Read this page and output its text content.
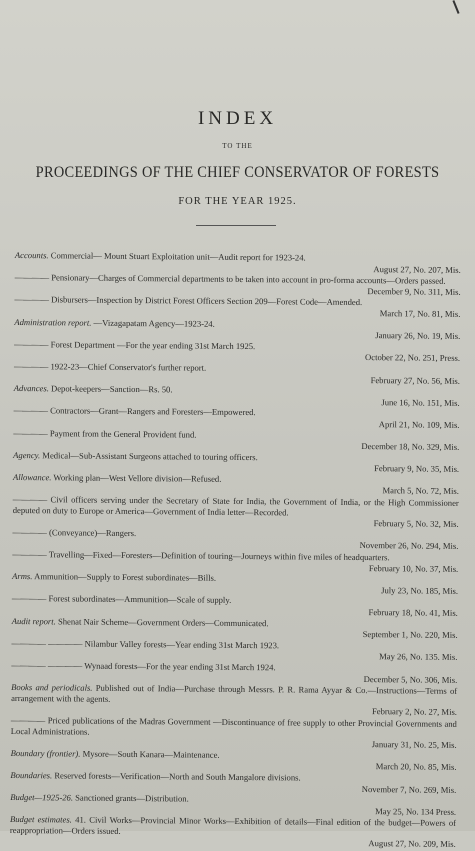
INDEX
TO THE
PROCEEDINGS OF THE CHIEF CONSERVATOR OF FORESTS
FOR THE YEAR 1925.
Accounts. Commercial— Mount Stuart Exploitation unit—Audit report for 1923-24.
August 27, No. 207, Mis.
———— Pensionary—Charges of Commercial departments to be taken into account in pro-forma accounts—Orders passed.
December 9, No. 311, Mis.
———— Disbursers—Inspection by District Forest Officers Section 209—Forest Code—Amended.
March 17, No. 81, Mis.
Administration report. —Vizagapatam Agency—1923-24.
January 26, No. 19, Mis.
———— Forest Department —For the year ending 31st March 1925.
October 22, No. 251, Press.
———— 1922-23—Chief Conservator's further report.
February 27, No. 56, Mis.
Advances. Depot-keepers—Sanction—Rs. 50.
June 16, No. 151, Mis.
———— Contractors—Grant—Rangers and Foresters—Empowered.
April 21, No. 109, Mis.
———— Payment from the General Provident fund.
December 18, No. 329, Mis.
Agency. Medical—Sub-Assistant Surgeons attached to touring officers.
February 9, No. 35, Mis.
Allowance. Working plan—West Vellore division—Refused.
March 5, No. 72, Mis.
———— Civil officers serving under the Secretary of State for India, the Government of India, or the High Commissioner deputed on duty to Europe or America—Government of India letter—Recorded.
February 5, No. 32, Mis.
———— (Conveyance)—Rangers.
November 26, No. 294, Mis.
———— Travelling—Fixed—Foresters—Definition of touring—Journeys within five miles of headquarters.
February 10, No. 37, Mis.
Arms. Ammunition—Supply to Forest subordinates—Bills.
July 23, No. 185, Mis.
———— Forest subordinates—Ammunition—Scale of supply.
February 18, No. 41, Mis.
Audit report. Shenat Nair Scheme—Government Orders—Communicated.
September 1, No. 220, Mis.
———— ———— Nilambur Valley forests—Year ending 31st March 1923.
May 26, No. 135. Mis.
———— ———— Wynaad forests—For the year ending 31st March 1924.
December 5, No. 306, Mis.
Books and periodicals. Published out of India—Purchase through Messrs. P. R. Rama Ayyar & Co.—Instructions—Terms of arrangement with the agents.
February 2, No. 27, Mis.
———— Priced publications of the Madras Government —Discontinuance of free supply to other Provincial Governments and Local Administrations.
January 31, No. 25, Mis.
Boundary (frontier). Mysore—South Kanara—Maintenance.
March 20, No. 85, Mis.
Boundaries. Reserved forests—Verification—North and South Mangalore divisions.
November 7, No. 269, Mis.
Budget—1925-26. Sanctioned grants—Distribution.
May 25, No. 134 Press.
Budget estimates. 41. Civil Works—Provincial Minor Works—Exhibition of details—Final edition of the budget—Powers of reappropriation—Orders issued.
August 27, No. 209, Mis.
